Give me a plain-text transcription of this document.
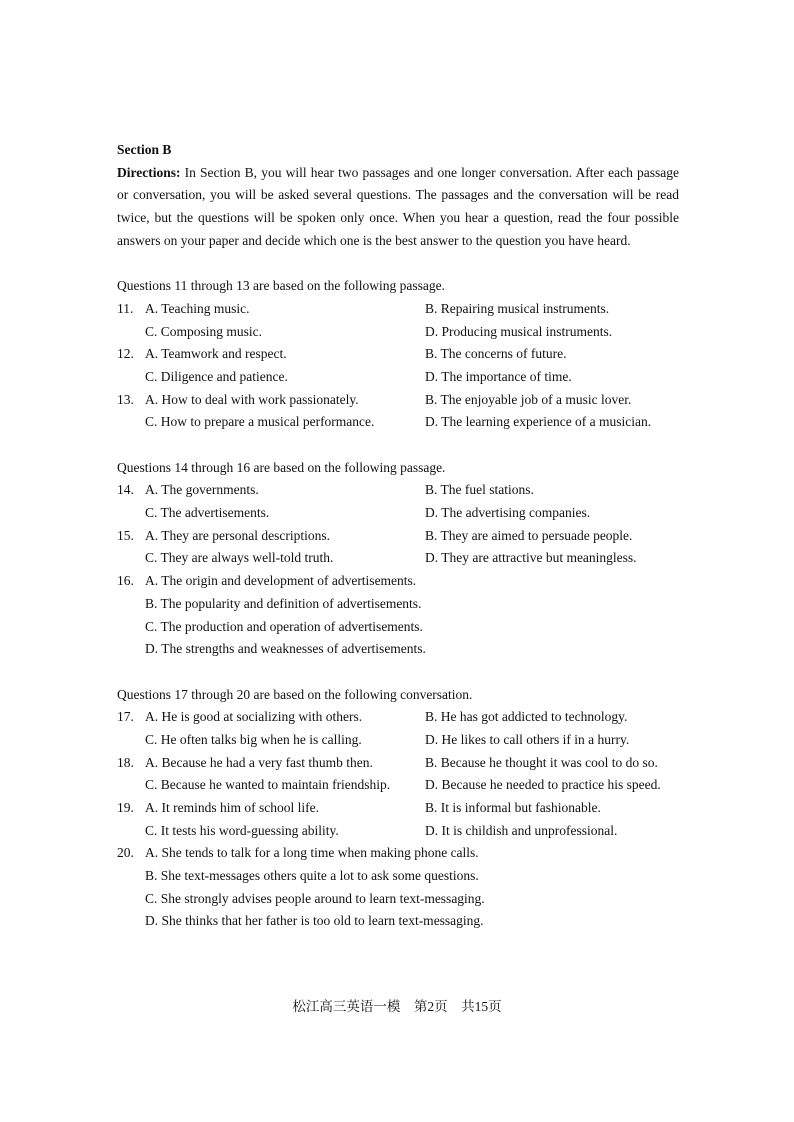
Section B

Directions: In Section B, you will hear two passages and one longer conversation. After each passage or conversation, you will be asked several questions. The passages and the conversation will be read twice, but the questions will be spoken only once. When you hear a question, read the four possible answers on your paper and decide which one is the best answer to the question you have heard.

Questions 11 through 13 are based on the following passage.
11. A. Teaching music.	B. Repairing musical instruments.
C. Composing music.	D. Producing musical instruments.
12. A. Teamwork and respect.	B. The concerns of future.
C. Diligence and patience.	D. The importance of time.
13. A. How to deal with work passionately.	B. The enjoyable job of a music lover.
C. How to prepare a musical performance.	D. The learning experience of a musician.
Questions 14 through 16 are based on the following passage.
14. A. The governments.	B. The fuel stations.
C. The advertisements.	D. The advertising companies.
15. A. They are personal descriptions.	B. They are aimed to persuade people.
C. They are always well-told truth.	D. They are attractive but meaningless.
16. A. The origin and development of advertisements.
B. The popularity and definition of advertisements.
C. The production and operation of advertisements.
D. The strengths and weaknesses of advertisements.
Questions 17 through 20 are based on the following conversation.
17. A. He is good at socializing with others.	B. He has got addicted to technology.
C. He often talks big when he is calling.	D. He likes to call others if in a hurry.
18. A. Because he had a very fast thumb then.	B. Because he thought it was cool to do so.
C. Because he wanted to maintain friendship.	D. Because he needed to practice his speed.
19. A. It reminds him of school life.	B. It is informal but fashionable.
C. It tests his word-guessing ability.	D. It is childish and unprofessional.
20. A. She tends to talk for a long time when making phone calls.
B. She text-messages others quite a lot to ask some questions.
C. She strongly advises people around to learn text-messaging.
D. She thinks that her father is too old to learn text-messaging.
松江高三英语一模　第2页　共15页
